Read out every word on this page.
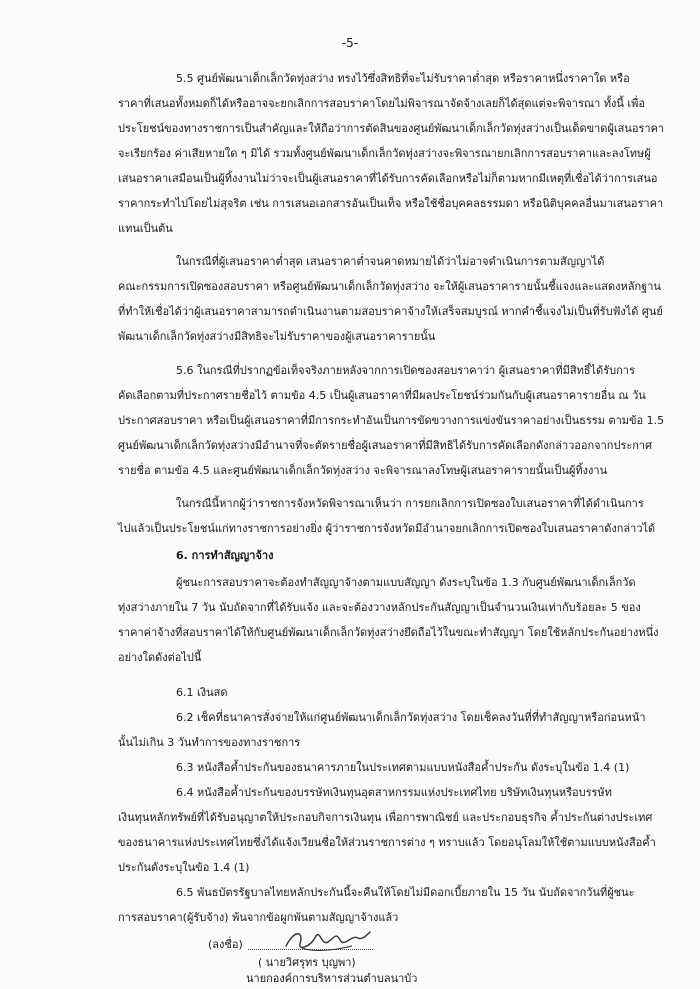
-5-
5.5 ศูนย์พัฒนาเด็กเล็กวัดทุ่งสว่าง ทรงไว้ซึ่งสิทธิที่จะไม่รับราคาต่ำสุด หรือราคาหนึ่งราคาใด หรือ
ราคาที่เสนอทั้งหมดก็ได้หรืออาจจะยกเลิกการสอบราคาโดยไม่พิจารณาจัดจ้างเลยก็ได้สุดแต่จะพิจารณา ทั้งนี้ เพื่อ
ประโยชน์ของทางราชการเป็นสำคัญและให้ถือว่าการตัดสินของศูนย์พัฒนาเด็กเล็กวัดทุ่งสว่างเป็นเด็ดขาดผู้เสนอราคา
จะเรียกร้อง ค่าเสียหายใด ๆ มิได้ รวมทั้งศูนย์พัฒนาเด็กเล็กวัดทุ่งสว่างจะพิจารณายกเลิกการสอบราคาและลงโทษผู้
เสนอราคาเสมือนเป็นผู้ทิ้งงานไม่ว่าจะเป็นผู้เสนอราคาที่ได้รับการคัดเลือกหรือไม่ก็ตามหากมีเหตุที่เชื่อได้ว่าการเสนอ
ราคากระทำไปโดยไม่สุจริต เช่น การเสนอเอกสารอันเป็นเท็จ หรือใช้ชื่อบุคคลธรรมดา หรือนิติบุคคลอื่นมาเสนอราคา
แทนเป็นต้น
ในกรณีที่ผู้เสนอราคาต่ำสุด เสนอราคาต่ำจนคาดหมายได้ว่าไม่อาจดำเนินการตามสัญญาได้
คณะกรรมการเปิดซองสอบราคา หรือศูนย์พัฒนาเด็กเล็กวัดทุ่งสว่าง จะให้ผู้เสนอราคารายนั้นชี้แจงและแสดงหลักฐาน
ที่ทำให้เชื่อได้ว่าผู้เสนอราคาสามารถดำเนินงานตามสอบราคาจ้างให้เสร็จสมบูรณ์ หากคำชี้แจงไม่เป็นที่รับฟังได้ ศูนย์
พัฒนาเด็กเล็กวัดทุ่งสว่างมีสิทธิจะไม่รับราคาของผู้เสนอราคารายนั้น
5.6 ในกรณีที่ปรากฏข้อเท็จจริงภายหลังจากการเปิดซองสอบราคาว่า ผู้เสนอราคาที่มีสิทธิ์ได้รับการ
คัดเลือกตามที่ประกาศรายชื่อไว้ ตามข้อ 4.5 เป็นผู้เสนอราคาที่มีผลประโยชน์ร่วมกันกับผู้เสนอราคารายอื่น ณ วัน
ประกาศสอบราคา หรือเป็นผู้เสนอราคาที่มีการกระทำอันเป็นการขัดขวางการแข่งขันราคาอย่างเป็นธรรม ตามข้อ 1.5
ศูนย์พัฒนาเด็กเล็กวัดทุ่งสว่างมีอำนาจที่จะตัดรายชื่อผู้เสนอราคาที่มีสิทธิได้รับการคัดเลือกดังกล่าวออกจากประกาศ
รายชื่อ ตามข้อ 4.5 และศูนย์พัฒนาเด็กเล็กวัดทุ่งสว่าง จะพิจารณาลงโทษผู้เสนอราคารายนั้นเป็นผู้ทิ้งงาน
ในกรณีนี้หากผู้ว่าราชการจังหวัดพิจารณาเห็นว่า การยกเลิกการเปิดซองใบเสนอราคาที่ได้ดำเนินการ
ไปแล้วเป็นประโยชน์แก่ทางราชการอย่างยิ่ง ผู้ว่าราชการจังหวัดมีอำนาจยกเลิกการเปิดซองใบเสนอราคาดังกล่าวได้
6. การทำสัญญาจ้าง
ผู้ชนะการสอบราคาจะต้องทำสัญญาจ้างตามแบบสัญญา ดังระบุในข้อ 1.3 กับศูนย์พัฒนาเด็กเล็กวัด
ทุ่งสว่างภายใน 7 วัน นับถัดจากที่ได้รับแจ้ง และจะต้องวางหลักประกันสัญญาเป็นจำนวนเงินเท่ากับร้อยละ 5 ของ
ราคาค่าจ้างที่สอบราคาได้ให้กับศูนย์พัฒนาเด็กเล็กวัดทุ่งสว่างยึดถือไว้ในขณะทำสัญญา โดยใช้หลักประกันอย่างหนึ่ง
อย่างใดดังต่อไปนี้
6.1 เงินสด
6.2 เช็คที่ธนาคารสั่งจ่ายให้แก่ศูนย์พัฒนาเด็กเล็กวัดทุ่งสว่าง โดยเช็คลงวันที่ที่ทำสัญญาหรือก่อนหน้า
นั้นไม่เกิน 3 วันทำการของทางราชการ
6.3 หนังสือค้ำประกันของธนาคารภายในประเทศตามแบบหนังสือค้ำประกัน ดังระบุในข้อ 1.4 (1)
6.4 หนังสือค้ำประกันของบรรษัทเงินทุนอุตสาหกรรมแห่งประเทศไทย บริษัทเงินทุนหรือบรรษัท
เงินทุนหลักทรัพย์ที่ได้รับอนุญาตให้ประกอบกิจการเงินทุน เพื่อการพาณิชย์ และประกอบธุรกิจ ค้ำประกันต่างประเทศ
ของธนาคารแห่งประเทศไทยซึ่งได้แจ้งเวียนชื่อให้ส่วนราชการต่าง ๆ ทราบแล้ว โดยอนุโลมให้ใช้ตามแบบหนังสือค้ำ
ประกันดังระบุในข้อ 1.4 (1)
6.5 พันธบัตรรัฐบาลไทยหลักประกันนี้จะคืนให้โดยไม่มีดอกเบี้ยภายใน 15 วัน นับถัดจากวันที่ผู้ชนะ
การสอบราคา(ผู้รับจ้าง) พ้นจากข้อผูกพันตามสัญญาจ้างแล้ว
(ลงชื่อ)
( นายวิศรุทร บุญพา)
นายกองค์การบริหารส่วนตำบลนาบัว
